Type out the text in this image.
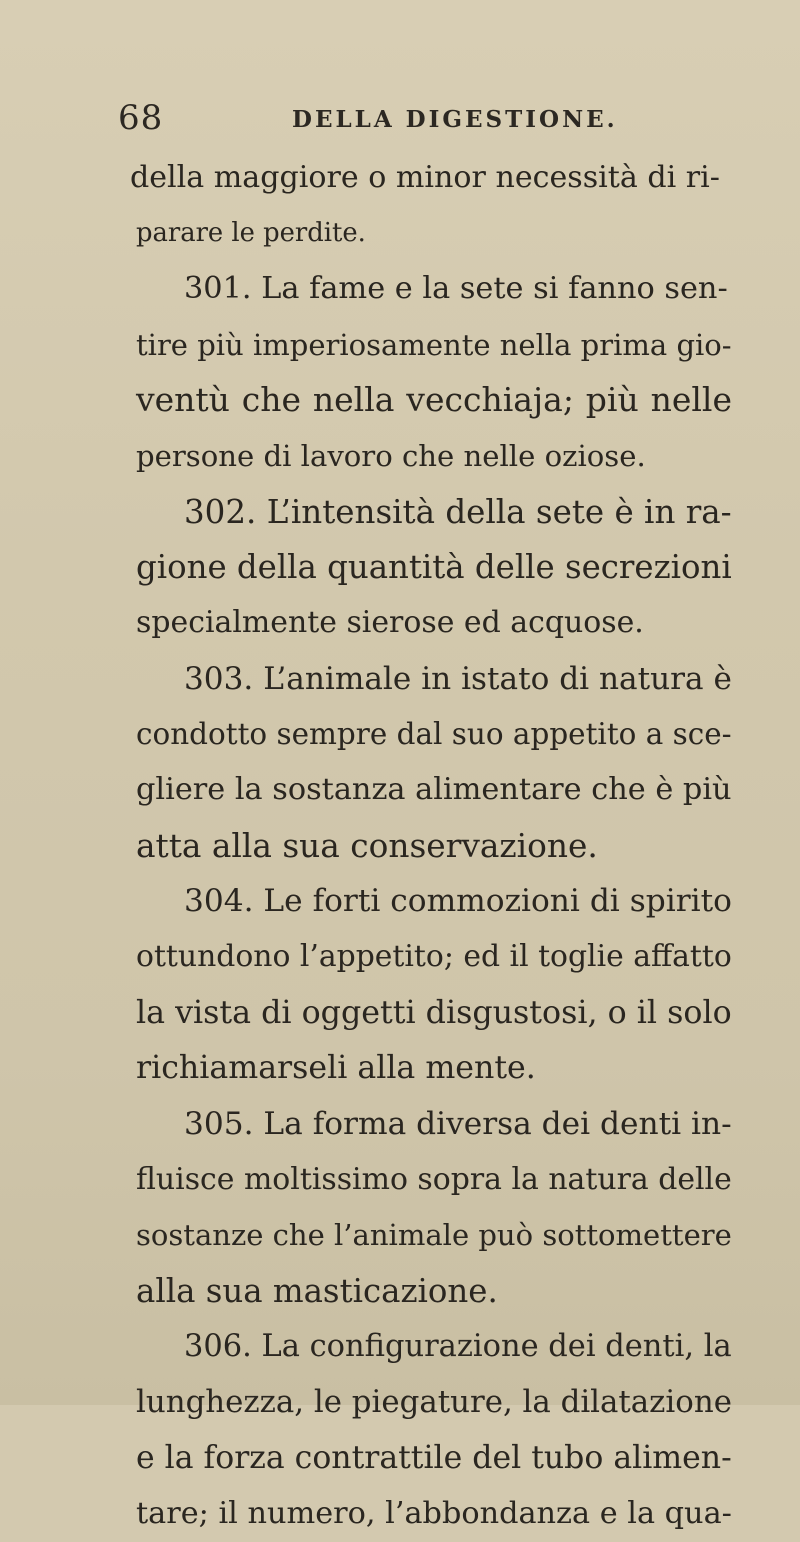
68	DELLA DIGESTIONE.
della maggiore o minor necessità di ri-
parare le perdite.
301. La fame e la sete si fanno sen-
tire più imperiosamente nella prima gio-
ventù che nella vecchiaja; più nelle
persone di lavoro che nelle oziose.
302. L’intensità della sete è in ra-
gione della quantità delle secrezioni
specialmente sierose ed acquose.
303. L’animale in istato di natura è
condotto sempre dal suo appetito a sce-
gliere la sostanza alimentare che è più
atta alla sua conservazione.
304. Le forti commozioni di spirito
ottundono l’appetito; ed il toglie affatto
la vista di oggetti disgustosi, o il solo
richiamarseli alla mente.
305. La forma diversa dei denti in-
fluisce moltissimo sopra la natura delle
sostanze che l’animale può sottomettere
alla sua masticazione.
306. La configurazione dei denti, la
lunghezza, le piegature, la dilatazione
e la forza contrattile del tubo alimen-
tare; il numero, l’abbondanza e la qua-
